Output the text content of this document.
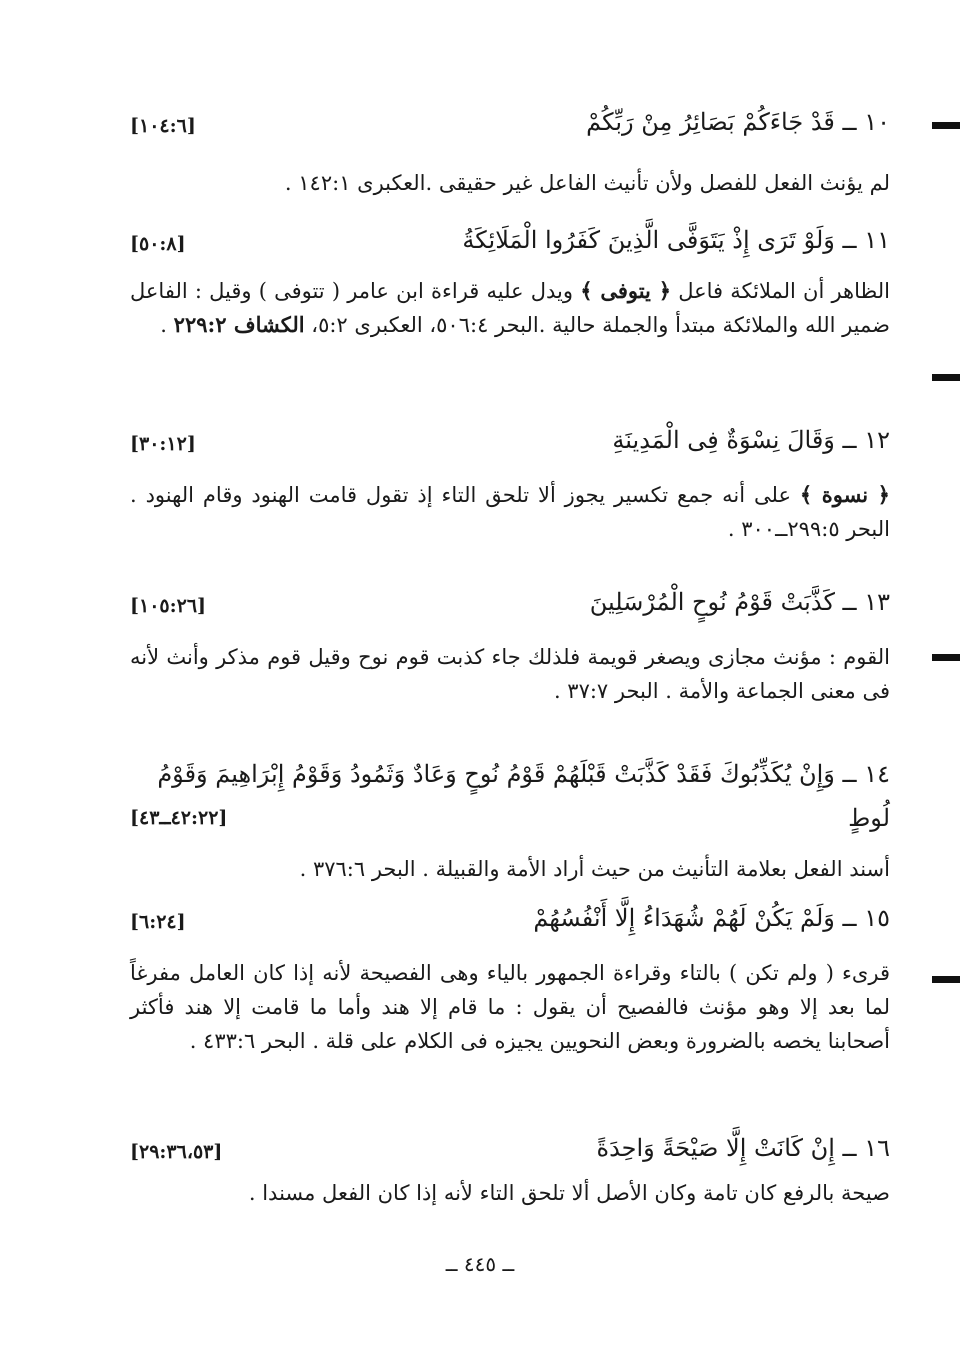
١٠ ــ قَدْ جَاءَكُمْ بَصَائِرُ مِنْ رَبِّكُمْ
[١٠٤:٦]
لم يؤنث الفعل للفصل ولأن تأنيث الفاعل غير حقيقى .العكبرى ١٤٢:١ .
١١ ــ وَلَوْ تَرَى إِذْ يَتَوَفَّى الَّذِينَ كَفَرُوا الْمَلَائِكَةُ
[٥٠:٨]
الظاهر أن الملائكة فاعل ﴿ يتوفى ﴾ ويدل عليه قراءة ابن عامر ( تتوفى ) وقيل : الفاعل ضمير الله والملائكة مبتدأ والجملة حالية .البحر ٥٠٦:٤، العكبرى ٥:٢، الكشاف ٢٢٩:٢ .
١٢ ــ وَقَالَ نِسْوَةٌ فِى الْمَدِينَةِ
[٣٠:١٢]
﴿ نسوة ﴾ على أنه جمع تكسير يجوز ألا تلحق التاء إذ تقول قامت الهنود وقام الهنود . البحر ٢٩٩:٥ــ٣٠٠ .
١٣ ــ كَذَّبَتْ قَوْمُ نُوحٍ الْمُرْسَلِينَ
[١٠٥:٢٦]
القوم : مؤنث مجازى ويصغر قويمة فلذلك جاء كذبت قوم نوح وقيل قوم مذكر وأنث لأنه فى معنى الجماعة والأمة . البحر ٣٧:٧ .
١٤ ــ وَإِنْ يُكَذِّبُوكَ فَقَدْ كَذَّبَتْ قَبْلَهُمْ قَوْمُ نُوحٍ وَعَادٌ وَثَمُودُ وَقَوْمُ إِبْرَاهِيمَ وَقَوْمُ لُوطٍ
[٤٢:٢٢ــ٤٣]
أسند الفعل بعلامة التأنيث من حيث أراد الأمة والقبيلة . البحر ٣٧٦:٦ .
١٥ ــ وَلَمْ يَكُنْ لَهُمْ شُهَدَاءُ إِلَّا أَنْفُسُهُمْ
[٦:٢٤]
قرىء ( ولم تكن ) بالتاء وقراءة الجمهور بالياء وهى الفصيحة لأنه إذا كان العامل مفرغاً لما بعد إلا وهو مؤنث فالفصيح أن يقول : ما قام إلا هند وأما ما قامت إلا هند فأكثر أصحابنا يخصه بالضرورة وبعض النحويين يجيزه فى الكلام على قلة . البحر ٤٣٣:٦ .
١٦ ــ إِنْ كَانَتْ إِلَّا صَيْحَةً وَاحِدَةً
[٢٩:٣٦،٥٣]
صيحة بالرفع كان تامة وكان الأصل ألا تلحق التاء لأنه إذا كان الفعل مسندا .
ــ ٤٤٥ ــ
